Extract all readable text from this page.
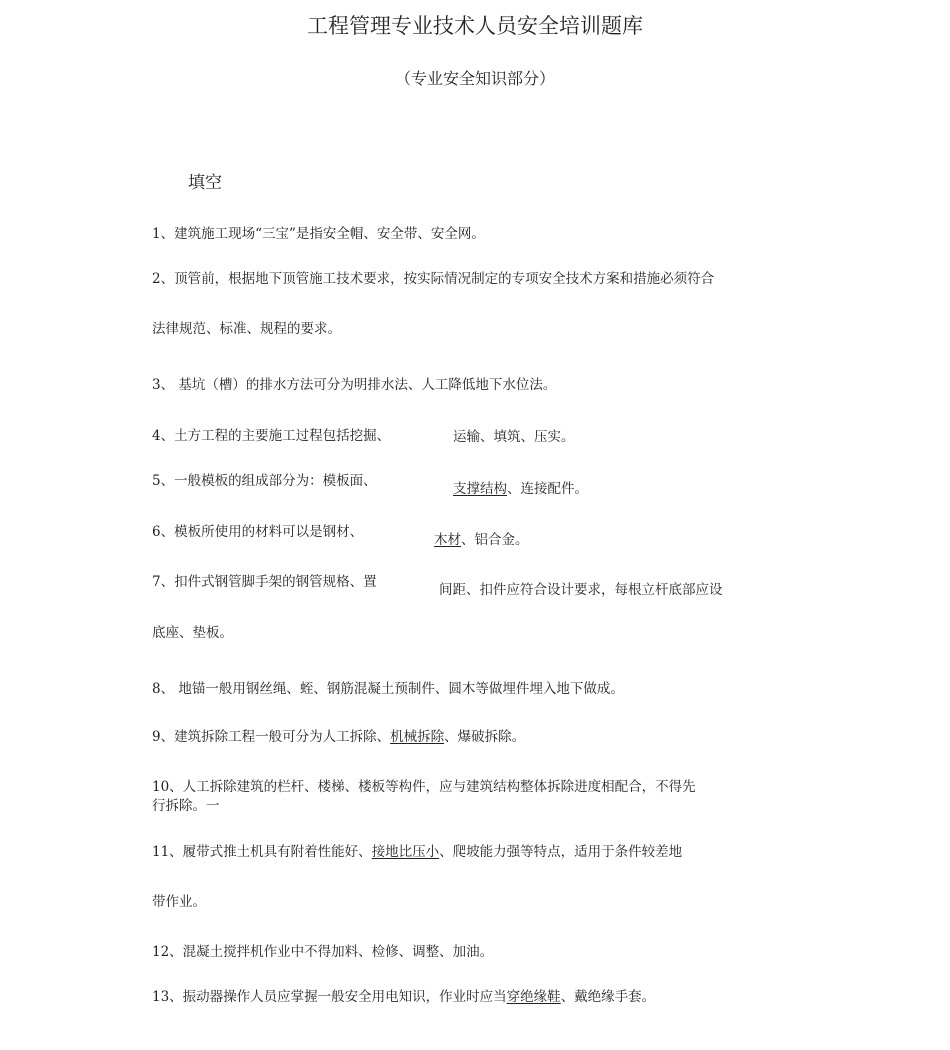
工程管理专业技术人员安全培训题库
（专业安全知识部分）
填空
1、建筑施工现场“三宝”是指安全帽、安全带、安全网。
2、顶管前，根据地下顶管施工技术要求，按实际情况制定的专项安全技术方案和措施必须符合
法律规范、标准、规程的要求。
3、 基坑（槽）的排水方法可分为明排水法、人工降低地下水位法。
4、土方工程的主要施工过程包括挖掘、	运输、填筑、压实。
5、一般模板的组成部分为：模板面、	支撑结构、连接配件。
6、模板所使用的材料可以是钢材、	木材、铝合金。
7、扣件式钢管脚手架的钢管规格、置	间距、扣件应符合设计要求，每根立杆底部应设
底座、垫板。
8、 地锚一般用钢丝绳、蛭、钢筋混凝土预制件、圆木等做埋件埋入地下做成。
9、建筑拆除工程一般可分为人工拆除、机械拆除、爆破拆除。
10、人工拆除建筑的栏杆、楼梯、楼板等构件，应与建筑结构整体拆除进度相配合，不得先
行拆除。一
11、履带式推土机具有附着性能好、接地比压小、爬坡能力强等特点，适用于条件较差地
带作业。
12、混凝土搅拌机作业中不得加料、检修、调整、加油。
13、振动器操作人员应掌握一般安全用电知识，作业时应当穿绝缘鞋、戴绝缘手套。
